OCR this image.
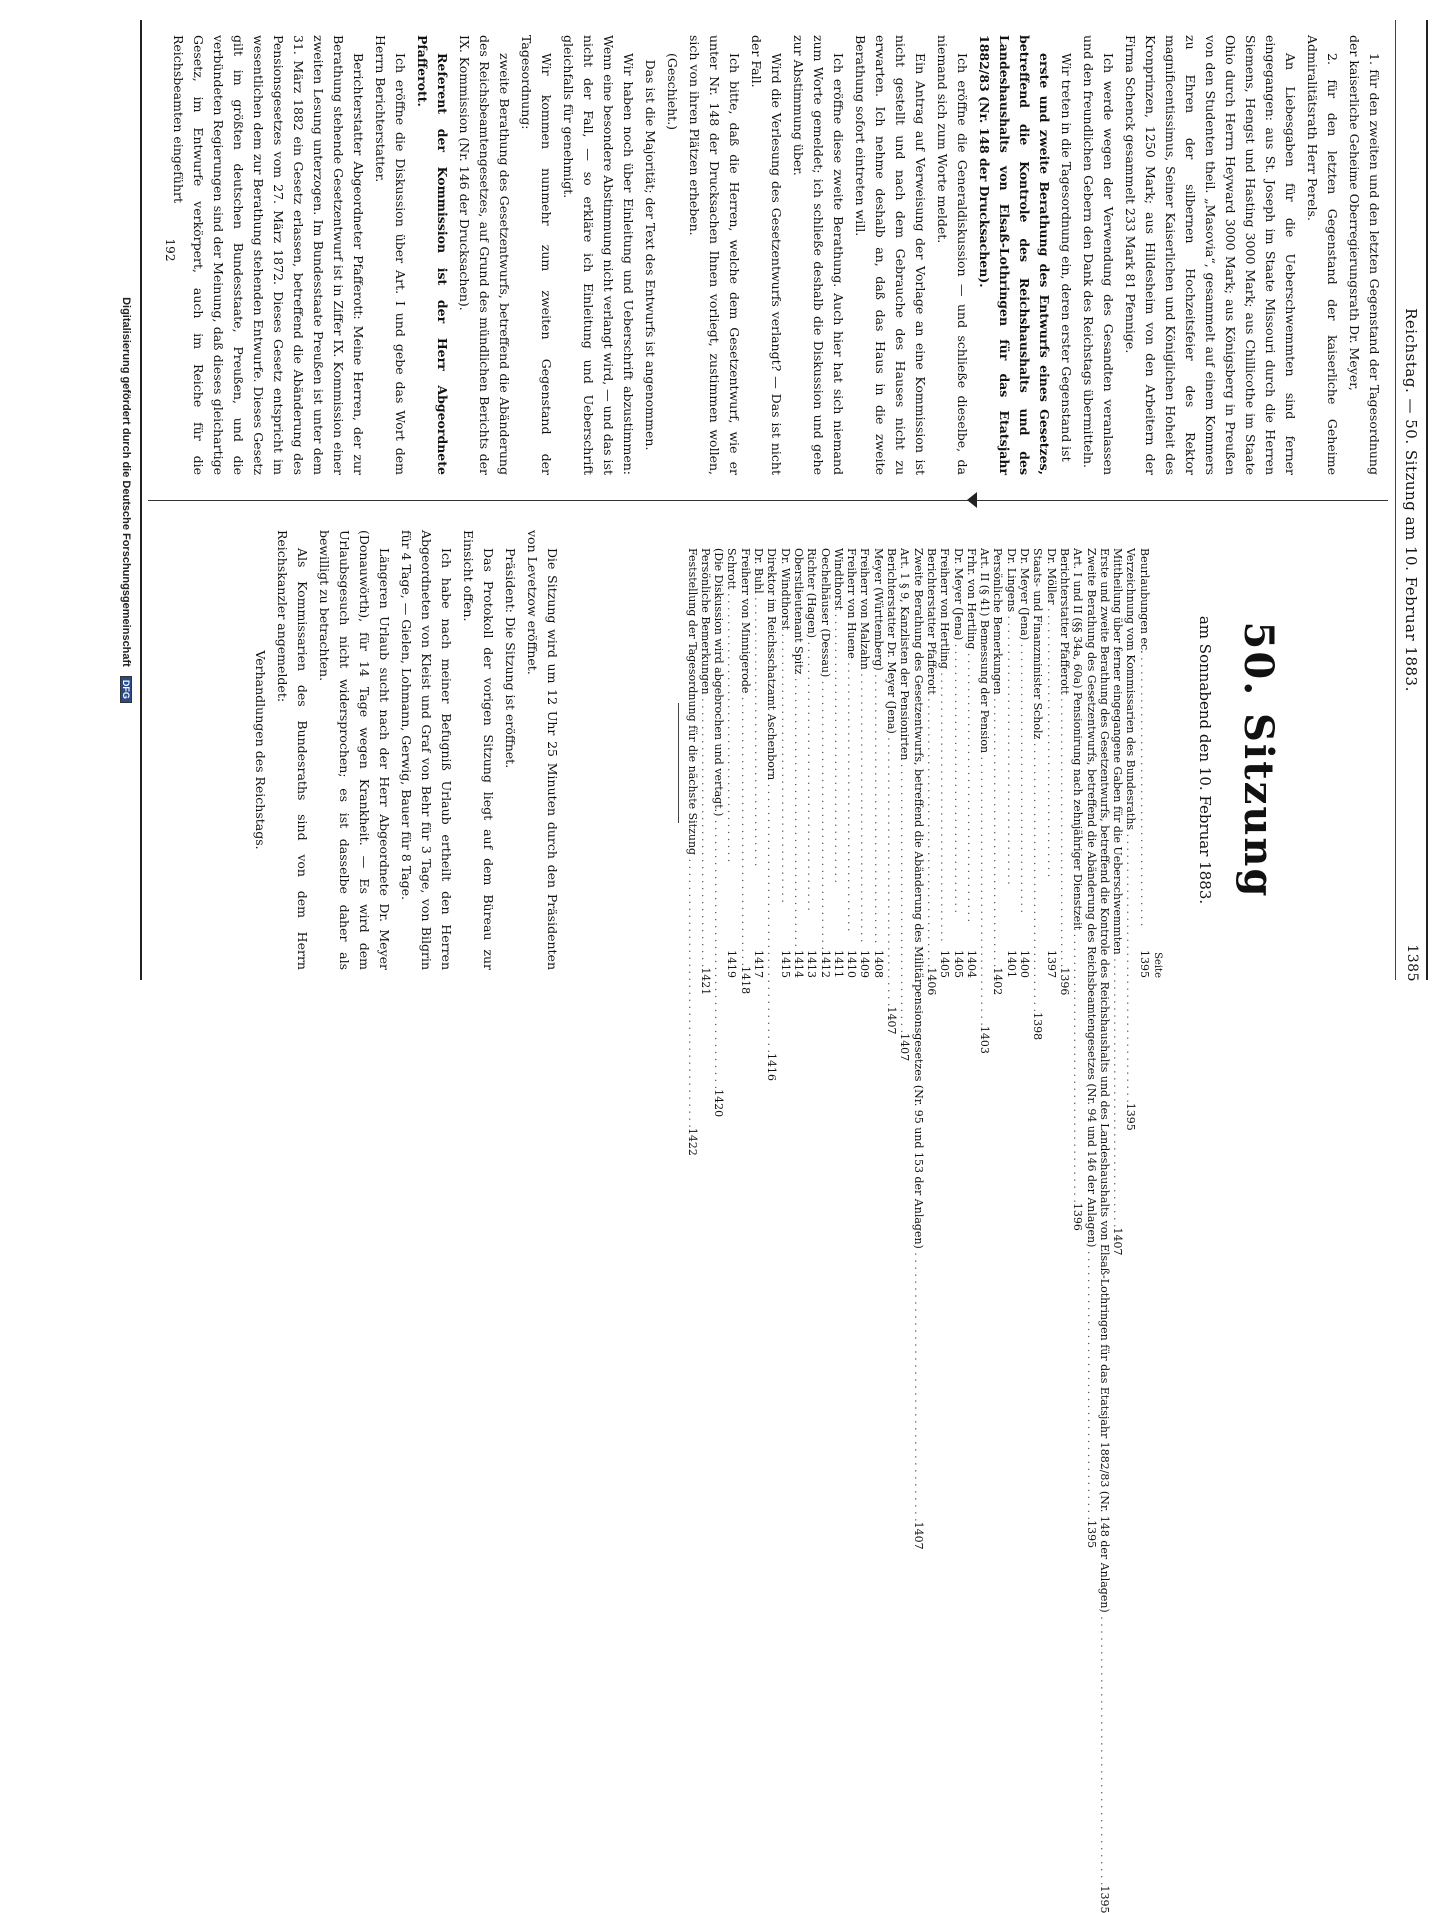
Reichstag. — 50. Sitzung am 10. Februar 1883.
1385
50. Sitzung
am Sonnabend den 10. Februar 1883.
Seite
Beurlaubungen ec. . . .
1395
Verzeichnung vom Kommissarien des Bundesraths . . .
1395
Mittheilung über ferner eingegangene Gaben für die Ueberschwemmten . . .
1407
Erste und zweite Berathung des Gesetzentwurfs, betreffend die Kontrole des Reichshaushalts und des Landeshaushalts von Elsaß-Lothringen für das Etatsjahr 1882/83 (Nr. 148 der Anlagen) . . .
1395
Zweite Berathung des Gesetzentwurfs, betreffend die Abänderung des Reichsbeamtengesetzes (Nr. 94 und 146 der Anlagen) . . .
1395
Art. I und II (§§ 34a, 60a) Pensionirung nach zehnjähriger Dienstzeit . . .
1396
Berichterstatter Pfafferott . . .
1396
Dr. Möller . . .
1397
Staats- und Finanzminister Scholz . . .
1398
Dr. Meyer (Jena) . . .
1400
Dr. Lingens . . .
1401
Persönliche Bemerkungen . . .
1402
Art. II (§ 41) Bemessung der Pension . . .
1403
Frhr. von Hertling . . .
1404
Dr. Meyer (Jena) . . .
1405
Freiherr von Hertling . . .
1405
Berichterstatter Pfafferott . . .
1406
Zweite Berathung des Gesetzentwurfs, betreffend die Abänderung des Militärpensionsgesetzes (Nr. 95 und 153 der Anlagen) . . .
1407
Art. 1 § 9, Kanzlisten der Pensionirten . . .
1407
Berichterstatter Dr. Meyer (Jena) . . .
1407
Meyer (Württemberg) . . .
1408
Freiherr von Malzahn . . .
1409
Freiherr von Huene . . .
1410
Windthorst . . .
1411
Oechelhäuser (Dessau) . . .
1412
Richter (Hagen) . . .
1413
Oberstlieutenant Spitz . . .
1414
Dr. Windthorst . . .
1415
Direktor im Reichsschatzamt Aschenborn . . .
1416
Dr. Buhl . . .
1417
Freiherr von Minnigerode . . .
1418
Schrott . . .
1419
(Die Diskussion wird abgebrochen und vertagt.) . . .
1420
Persönliche Bemerkungen . . .
1421
Feststellung der Tagesordnung für die nächste Sitzung . . .
1422

Die Sitzung wird um 12 Uhr 25 Minuten durch den Präsidenten von Levetzow eröffnet.

Präsident: Die Sitzung ist eröffnet.

Das Protokoll der vorigen Sitzung liegt auf dem Büreau zur Einsicht offen.

Ich habe nach meiner Befugniß Urlaub ertheilt den Herren Abgeordneten von Kleist und Graf von Behr für 3 Tage, von Bilgrin für 4 Tage, — Gielen, Lohmann, Gerwig, Bauer für 8 Tage.

Längeren Urlaub sucht nach der Herr Abgeordnete Dr. Meyer (Donauwörth), für 14 Tage wegen Krankheit. — Es wird dem Urlaubsgesuch nicht widersprochen; es ist dasselbe daher als bewilligt zu betrachten.

Als Kommissarien des Bundesraths sind von dem Herrn Reichskanzler angemeldet:

Verhandlungen des Reichstags.

1. für den zweiten und den letzten Gegenstand der Tagesordnung der kaiserliche Geheime Oberregierungsrath Dr. Meyer,

2. für den letzten Gegenstand der kaiserliche Geheime Admiralitätsrath Herr Perels.

An Liebesgaben für die Ueberschwemmten sind ferner eingegangen: aus St. Joseph im Staate Missouri durch die Herren Siemens, Hengst und Hasting 3000 Mark; aus Chillicothe im Staate Ohio durch Herrn Heyward 3000 Mark; aus Königsberg in Preußen von den Studenten theil. „Masovia“, gesammelt auf einem Kommers zu Ehren der silbernen Hochzeitsfeier des Rektor magnificentissimus, Seiner Kaiserlichen und Königlichen Hoheit des Kronprinzen, 1250 Mark; aus Hildesheim von den Arbeitern der Firma Schenck gesammelt 233 Mark 81 Pfennige.

Ich werde wegen der Verwendung des Gesandten veranlassen und den freundlichen Gebern den Dank des Reichstags übermitteln.

Wir treten in die Tagesordnung ein, deren erster Gegenstand ist

erste und zweite Berathung des Entwurfs eines Gesetzes, betreffend die Kontrole des Reichshaushalts und des Landeshaushalts von Elsaß-Lothringen für das Etatsjahr 1882/83 (Nr. 148 der Drucksachen).

Ich eröffne die Generaldiskussion — und schließe dieselbe, da niemand sich zum Worte meldet.

Ein Antrag auf Verweisung der Vorlage an eine Kommission ist nicht gestellt und nach dem Gebrauche des Hauses nicht zu erwarten. Ich nehme deshalb an, daß das Haus in die zweite Berathung sofort eintreten will.

Ich eröffne diese zweite Berathung. Auch hier hat sich niemand zum Worte gemeldet; ich schließe deshalb die Diskussion und gehe zur Abstimmung über.

Wird die Verlesung des Gesetzentwurfs verlangt? — Das ist nicht der Fall.

Ich bitte, daß die Herren, welche dem Gesetzentwurf, wie er unter Nr. 148 der Drucksachen Ihnen vorliegt, zustimmen wollen, sich von ihren Plätzen erheben.

(Geschieht.)

Das ist die Majorität; der Text des Entwurfs ist angenommen.

Wir haben noch über Einleitung und Ueberschrift abzustimmen: Wenn eine besondere Abstimmung nicht verlangt wird, — und das ist nicht der Fall, — so erkläre ich Einleitung und Ueberschrift gleichfalls für genehmigt.

Wir kommen nunmehr zum zweiten Gegenstand der Tagesordnung:

zweite Berathung des Gesetzentwurfs, betreffend die Abänderung des Reichsbeamtengesetzes, auf Grund des mündlichen Berichts der IX. Kommission (Nr. 146 der Drucksachen).

Referent der Kommission ist der Herr Abgeordnete Pfafferott.

Ich eröffne die Diskussion über Art. I und gebe das Wort dem Herrn Berichterstatter.

Berichterstatter Abgeordneter Pfafferott: Meine Herren, der zur Berathung stehende Gesetzentwurf ist in Ziffer IX. Kommission einer zweiten Lesung unterzogen. Im Bundesstaate Preußen ist unter dem 31. März 1882 ein Gesetz erlassen, betreffend die Abänderung des Pensionsgesetzes vom 27. März 1872. Dieses Gesetz entspricht im wesentlichen dem zur Berathung stehenden Entwurfe. Dieses Gesetz gilt im größten deutschen Bundesstaate, Preußen, und die verbündeten Regierungen sind der Meinung, daß dieses gleichartige Gesetz, im Entwurfe verkörpert, auch im Reiche für die Reichsbeamten eingeführt

192
Digitalisierung gefördert durch die Deutsche Forschungsgemeinschaft DFG
